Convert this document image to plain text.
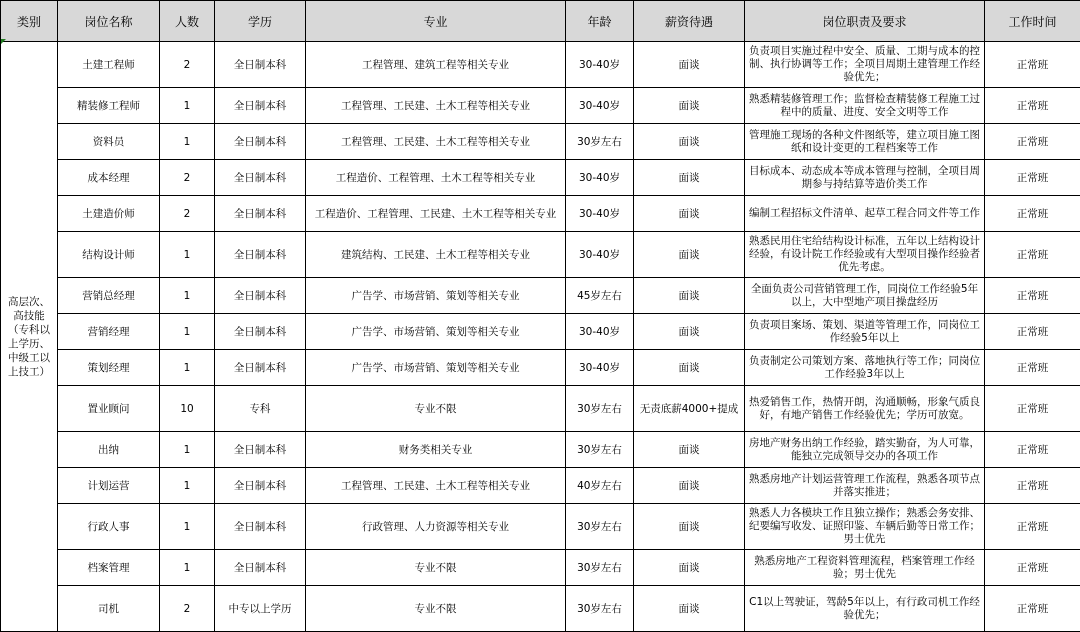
类别	岗位名称	人数	学历	专业	年龄	薪资待遇	岗位职责及要求	工作时间
高层次、高技能（专科以上学历、中级工以上技工）	土建工程师	2	全日制本科	工程管理、建筑工程等相关专业	30-40岁	面谈	负责项目实施过程中安全、质量、工期与成本的控制、执行协调等工作；全项目周期土建管理工作经验优先；	正常班
	精装修工程师	1	全日制本科	工程管理、工民建、土木工程等相关专业	30-40岁	面谈	熟悉精装修管理工作；监督检查精装修工程施工过程中的质量、进度、安全文明等工作	正常班
	资料员	1	全日制本科	工程管理、工民建、土木工程等相关专业	30岁左右	面谈	管理施工现场的各种文件图纸等，建立项目施工图纸和设计变更的工程档案等工作	正常班
	成本经理	2	全日制本科	工程造价、工程管理、土木工程等相关专业	30-40岁	面谈	目标成本、动态成本等成本管理与控制，全项目周期参与持结算等造价类工作	正常班
	土建造价师	2	全日制本科	工程造价、工程管理、工民建、土木工程等相关专业	30-40岁	面谈	编制工程招标文件清单、起草工程合同文件等工作	正常班
	结构设计师	1	全日制本科	建筑结构、工民建、土木工程等相关专业	30-40岁	面谈	熟悉民用住宅给结构设计标准，五年以上结构设计经验，有设计院工作经验或有大型项目操作经验者优先考虑。	正常班
	营销总经理	1	全日制本科	广告学、市场营销、策划等相关专业	45岁左右	面谈	全面负责公司营销管理工作，同岗位工作经验5年以上，大中型地产项目操盘经历	正常班
	营销经理	1	全日制本科	广告学、市场营销、策划等相关专业	30-40岁	面谈	负责项目案场、策划、渠道等管理工作，同岗位工作经验5年以上	正常班
	策划经理	1	全日制本科	广告学、市场营销、策划等相关专业	30-40岁	面谈	负责制定公司策划方案、落地执行等工作；同岗位工作经验3年以上	正常班
	置业顾问	10	专科	专业不限	30岁左右	无责底薪4000+提成	热爱销售工作，热情开朗，沟通顺畅，形象气质良好，有地产销售工作经验优先；学历可放宽。	正常班
	出纳	1	全日制本科	财务类相关专业	30岁左右	面谈	房地产财务出纳工作经验，踏实勤奋，为人可靠，能独立完成领导交办的各项工作	正常班
	计划运营	1	全日制本科	工程管理、工民建、土木工程等相关专业	40岁左右	面谈	熟悉房地产计划运营管理工作流程，熟悉各项节点并落实推进；	正常班
	行政人事	1	全日制本科	行政管理、人力资源等相关专业	30岁左右	面谈	熟悉人力各模块工作且独立操作；熟悉会务安排、纪要编写收发、证照印鉴、车辆后勤等日常工作；男士优先	正常班
	档案管理	1	全日制本科	专业不限	30岁左右	面谈	熟悉房地产工程资料管理流程，档案管理工作经验；男士优先	正常班
	司机	2	中专以上学历	专业不限	30岁左右	面谈	C1以上驾驶证，驾龄5年以上，有行政司机工作经验优先；	正常班
